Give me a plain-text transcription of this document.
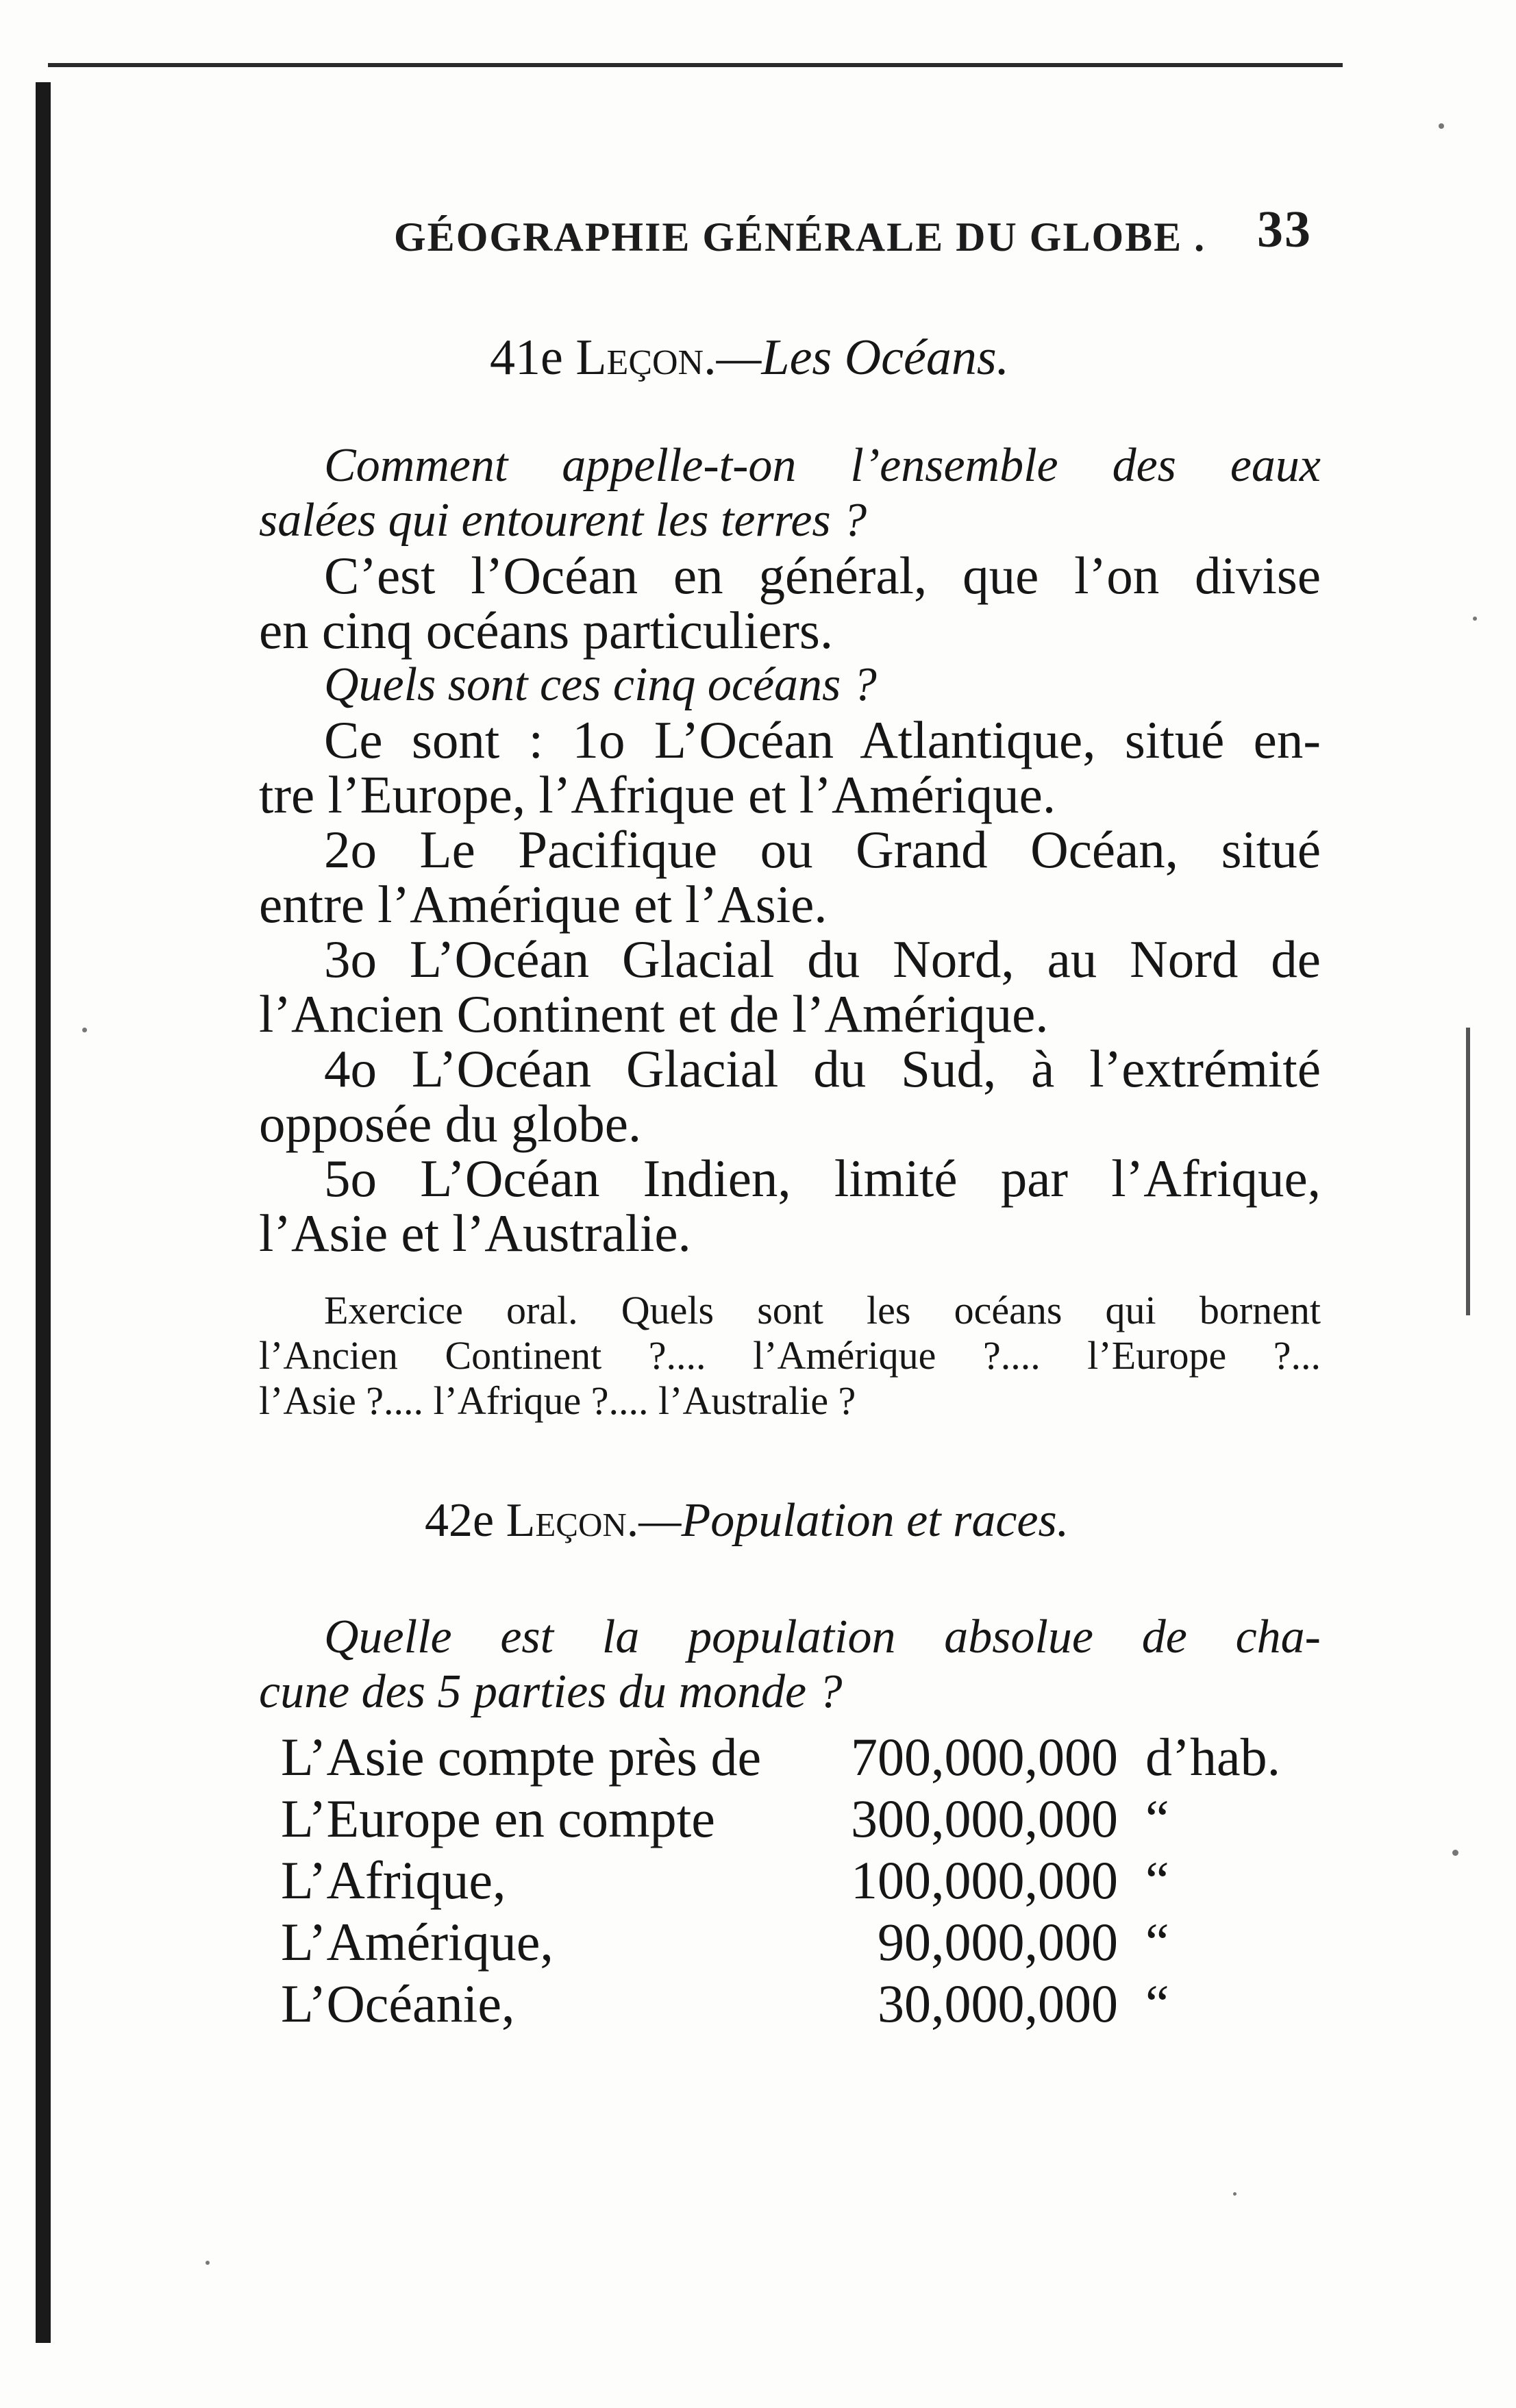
GÉOGRAPHIE GÉNÉRALE DU GLOBE . 33
41e Leçon.—Les Océans.

Comment appelle-t-on l’ensemble des eaux

salées qui entourent les terres ?

C’est l’Océan en général, que l’on divise

en cinq océans particuliers.

Quels sont ces cinq océans ?

Ce sont : 1o L’Océan Atlantique, situé en-

tre l’Europe, l’Afrique et l’Amérique.

2o Le Pacifique ou Grand Océan, situé

entre l’Amérique et l’Asie.

3o L’Océan Glacial du Nord, au Nord de

l’Ancien Continent et de l’Amérique.

4o L’Océan Glacial du Sud, à l’extrémité

opposée du globe.

5o L’Océan Indien, limité par l’Afrique,

l’Asie et l’Australie.

Exercice oral. Quels sont les océans qui bornent

l’Ancien Continent ?.... l’Amérique ?.... l’Europe ?...

l’Asie ?.... l’Afrique ?.... l’Australie ?

42e Leçon.—Population et races.

Quelle est la population absolue de cha-

cune des 5 parties du monde ?

L’Asie compte près de 700,000,000 d’hab.
L’Europe en compte	300,000,000 “
L’Afrique,	100,000,000 “
L’Amérique,	90,000,000 “
L’Océanie,	30,000,000 “
